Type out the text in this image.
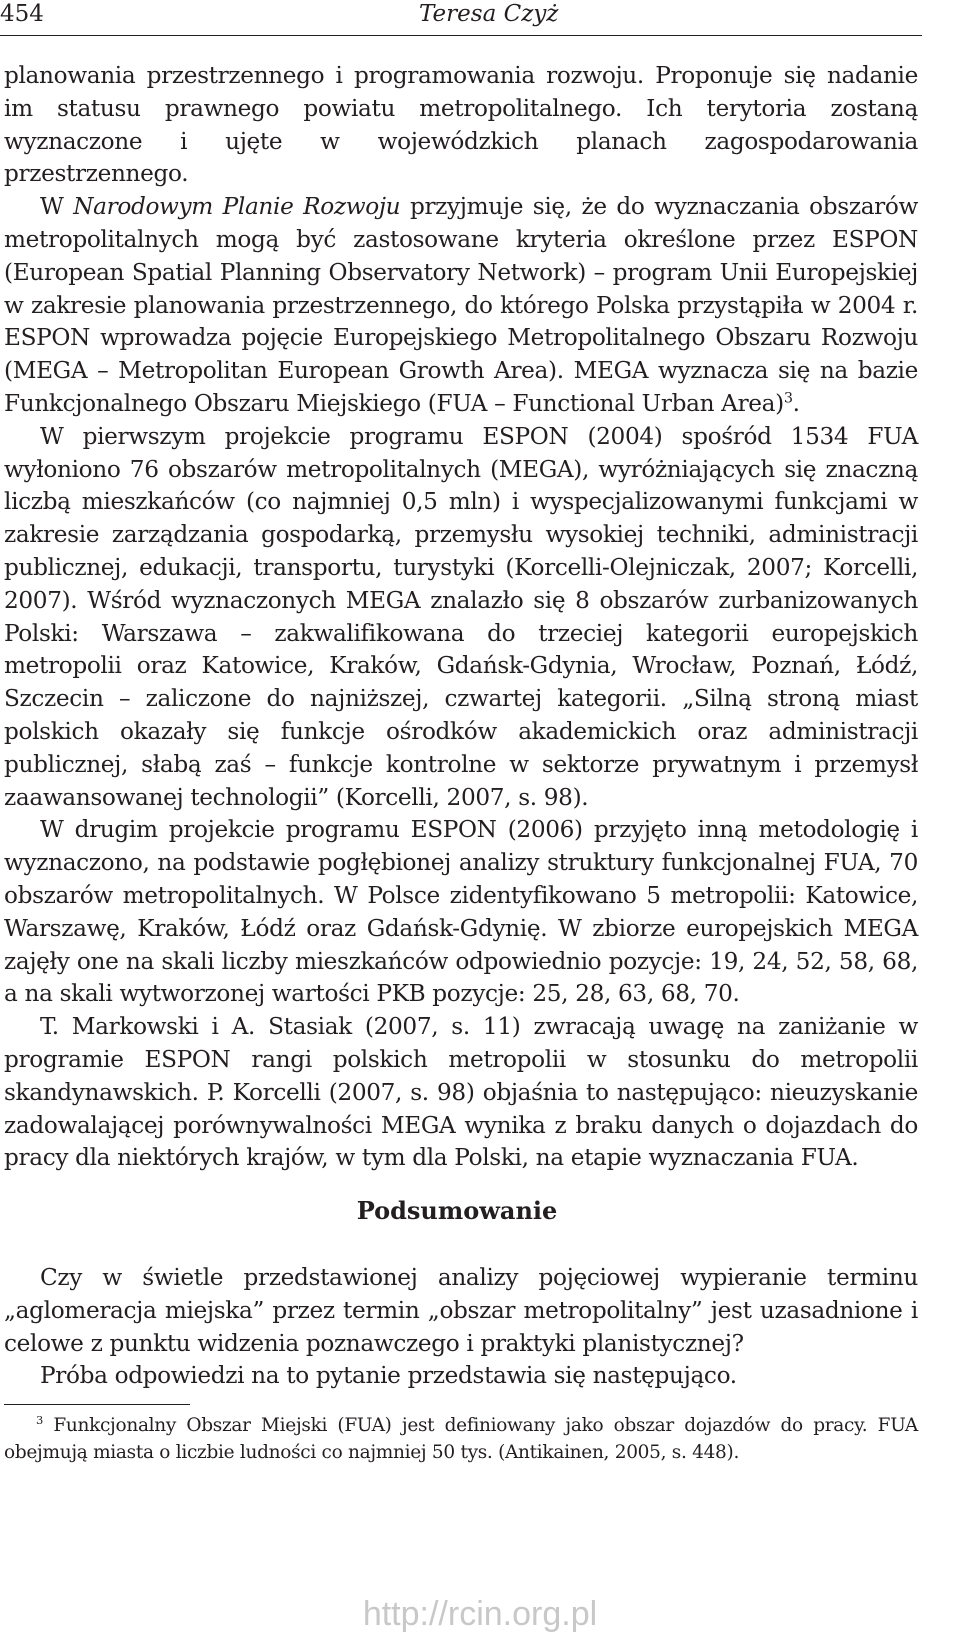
454	Teresa Czyż

planowania przestrzennego i programowania rozwoju. Proponuje się nadanie im statusu prawnego powiatu metropolitalnego. Ich terytoria zostaną wyznaczone i ujęte w wojewódzkich planach zagospodarowania przestrzennego.

W Narodowym Planie Rozwoju przyjmuje się, że do wyznaczania obszarów metropolitalnych mogą być zastosowane kryteria określone przez ESPON (European Spatial Planning Observatory Network) – program Unii Europejskiej w zakresie planowania przestrzennego, do którego Polska przystąpiła w 2004 r. ESPON wprowadza pojęcie Europejskiego Metropolitalnego Obszaru Rozwoju (MEGA – Metropolitan European Growth Area). MEGA wyznacza się na bazie Funkcjonalnego Obszaru Miejskiego (FUA – Functional Urban Area)$^3$.

W pierwszym projekcie programu ESPON (2004) spośród 1534 FUA wyłoniono 76 obszarów metropolitalnych (MEGA), wyróżniających się znaczną liczbą mieszkańców (co najmniej 0,5 mln) i wyspecjalizowanymi funkcjami w zakresie zarządzania gospodarką, przemysłu wysokiej techniki, administracji publicznej, edukacji, transportu, turystyki (Korcelli-Olejniczak, 2007; Korcelli, 2007). Wśród wyznaczonych MEGA znalazło się 8 obszarów zurbanizowanych Polski: Warszawa – zakwalifikowana do trzeciej kategorii europejskich metropolii oraz Katowice, Kraków, Gdańsk-Gdynia, Wrocław, Poznań, Łódź, Szczecin – zaliczone do najniższej, czwartej kategorii. „Silną stroną miast polskich okazały się funkcje ośrodków akademickich oraz administracji publicznej, słabą zaś – funkcje kontrolne w sektorze prywatnym i przemysł zaawansowanej technologii” (Korcelli, 2007, s. 98).

W drugim projekcie programu ESPON (2006) przyjęto inną metodologię i wyznaczono, na podstawie pogłębionej analizy struktury funkcjonalnej FUA, 70 obszarów metropolitalnych. W Polsce zidentyfikowano 5 metropolii: Katowice, Warszawę, Kraków, Łódź oraz Gdańsk-Gdynię. W zbiorze europejskich MEGA zajęły one na skali liczby mieszkańców odpowiednio pozycje: 19, 24, 52, 58, 68, a na skali wytworzonej wartości PKB pozycje: 25, 28, 63, 68, 70.

T. Markowski i A. Stasiak (2007, s. 11) zwracają uwagę na zaniżanie w programie ESPON rangi polskich metropolii w stosunku do metropolii skandynawskich. P. Korcelli (2007, s. 98) objaśnia to następująco: nieuzyskanie zadowalającej porównywalności MEGA wynika z braku danych o dojazdach do pracy dla niektórych krajów, w tym dla Polski, na etapie wyznaczania FUA.

Podsumowanie

Czy w świetle przedstawionej analizy pojęciowej wypieranie terminu „aglomeracja miejska” przez termin „obszar metropolitalny” jest uzasadnione i celowe z punktu widzenia poznawczego i praktyki planistycznej?

Próba odpowiedzi na to pytanie przedstawia się następująco.

$^3$ Funkcjonalny Obszar Miejski (FUA) jest definiowany jako obszar dojazdów do pracy. FUA obejmują miasta o liczbie ludności co najmniej 50 tys. (Antikainen, 2005, s. 448).

http://rcin.org.pl
